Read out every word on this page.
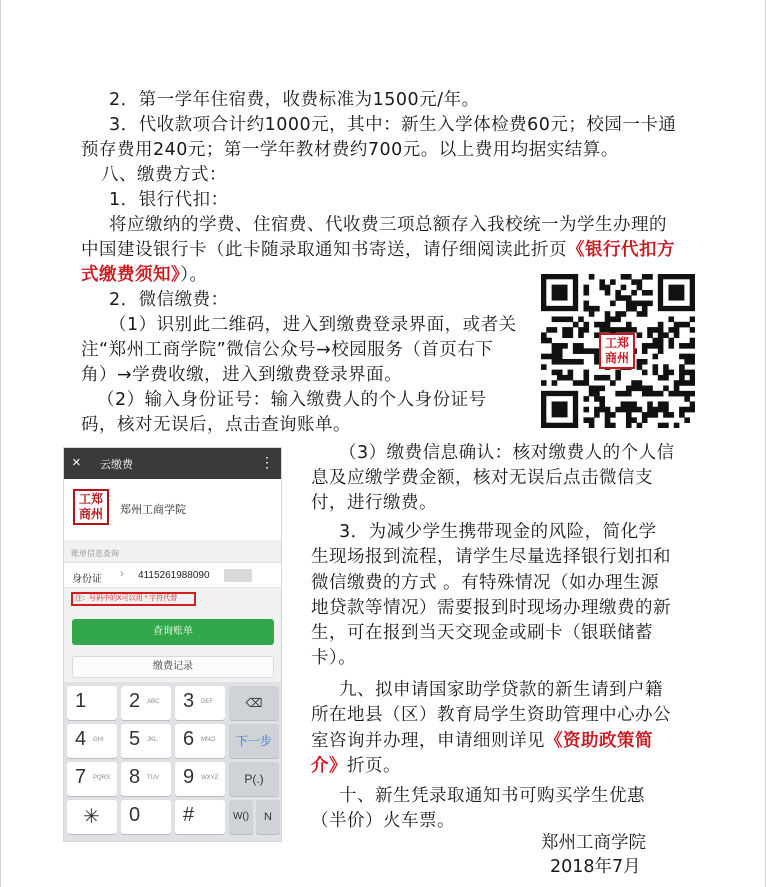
2．第一学年住宿费，收费标准为1500元/年。
3．代收款项合计约1000元，其中：新生入学体检费60元；校园一卡通
预存费用240元；第一学年教材费约700元。以上费用均据实结算。
八、缴费方式：
1．银行代扣：
将应缴纳的学费、住宿费、代收费三项总额存入我校统一为学生办理的
中国建设银行卡（此卡随录取通知书寄送，请仔细阅读此折页《银行代扣方
式缴费须知》）。
2．微信缴费：
（1）识别此二维码，进入到缴费登录界面，或者关
注“郑州工商学院”微信公众号→校园服务（首页右下
角）→学费收缴，进入到缴费登录界面。
（2）输入身份证号：输入缴费人的个人身份证号
码，核对无误后，点击查询账单。
（3）缴费信息确认：核对缴费人的个人信
息及应缴学费金额，核对无误后点击微信支
付，进行缴费。
3．为减少学生携带现金的风险，简化学
生现场报到流程，请学生尽量选择银行划扣和
微信缴费的方式 。有特殊情况（如办理生源
地贷款等情况）需要报到时现场办理缴费的新
生，可在报到当天交现金或刷卡（银联储蓄
卡）。
九、拟申请国家助学贷款的新生请到户籍
所在地县（区）教育局学生资助管理中心办公
室咨询并办理，申请细则详见《资助政策简
介》折页。
十、新生凭录取通知书可购买学生优惠
（半价）火车票。
郑州工商学院
2018年7月
工郑
商州
× 云缴费	⋮
工郑
商州	郑州工商学院
账单信息查询
身份证 › 4115261988090
注：号码中的X可以用 * 字符代替
查询账单
缴费记录
1 2 ABC 3 DEF	⌫
4 GHI 5 JKL 6 MNO	下一步
7 PQRS 8 TUV 9 WXYZ	P(.)
✳ 0 #	W()	N
